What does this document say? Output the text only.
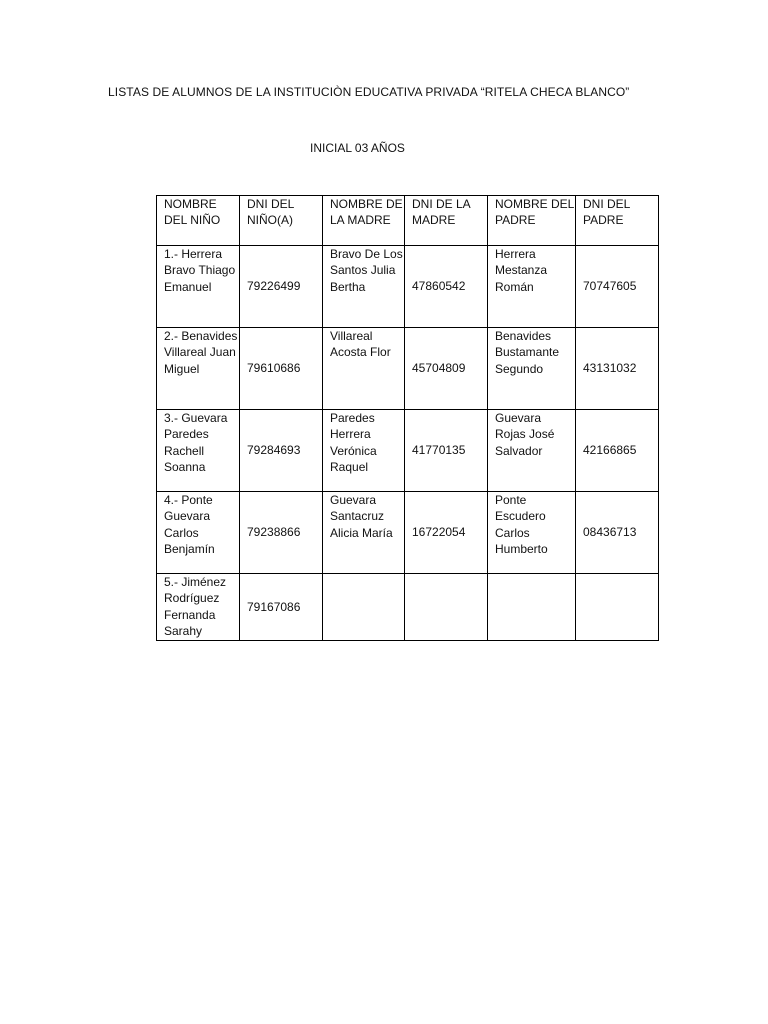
LISTAS DE ALUMNOS DE LA INSTITUCIÒN EDUCATIVA PRIVADA “RITELA CHECA BLANCO”
INICIAL 03 AÑOS
NOMBRE DEL NIÑO	DNI DEL NIÑO(A)	NOMBRE DE LA MADRE	DNI DE LA MADRE	NOMBRE DEL PADRE	DNI DEL PADRE
1.- Herrera Bravo Thiago Emanuel	79226499	Bravo De Los Santos Julia Bertha	47860542	Herrera Mestanza Román	70747605
2.- Benavides Villareal Juan Miguel	79610686	Villareal Acosta Flor	45704809	Benavides Bustamante Segundo	43131032
3.- Guevara Paredes Rachell Soanna	79284693	Paredes Herrera Verónica Raquel	41770135	Guevara Rojas José Salvador	42166865
4.- Ponte Guevara Carlos Benjamín	79238866	Guevara Santacruz Alicia María	16722054	Ponte Escudero Carlos Humberto	08436713
5.- Jiménez Rodríguez Fernanda Sarahy	79167086				
